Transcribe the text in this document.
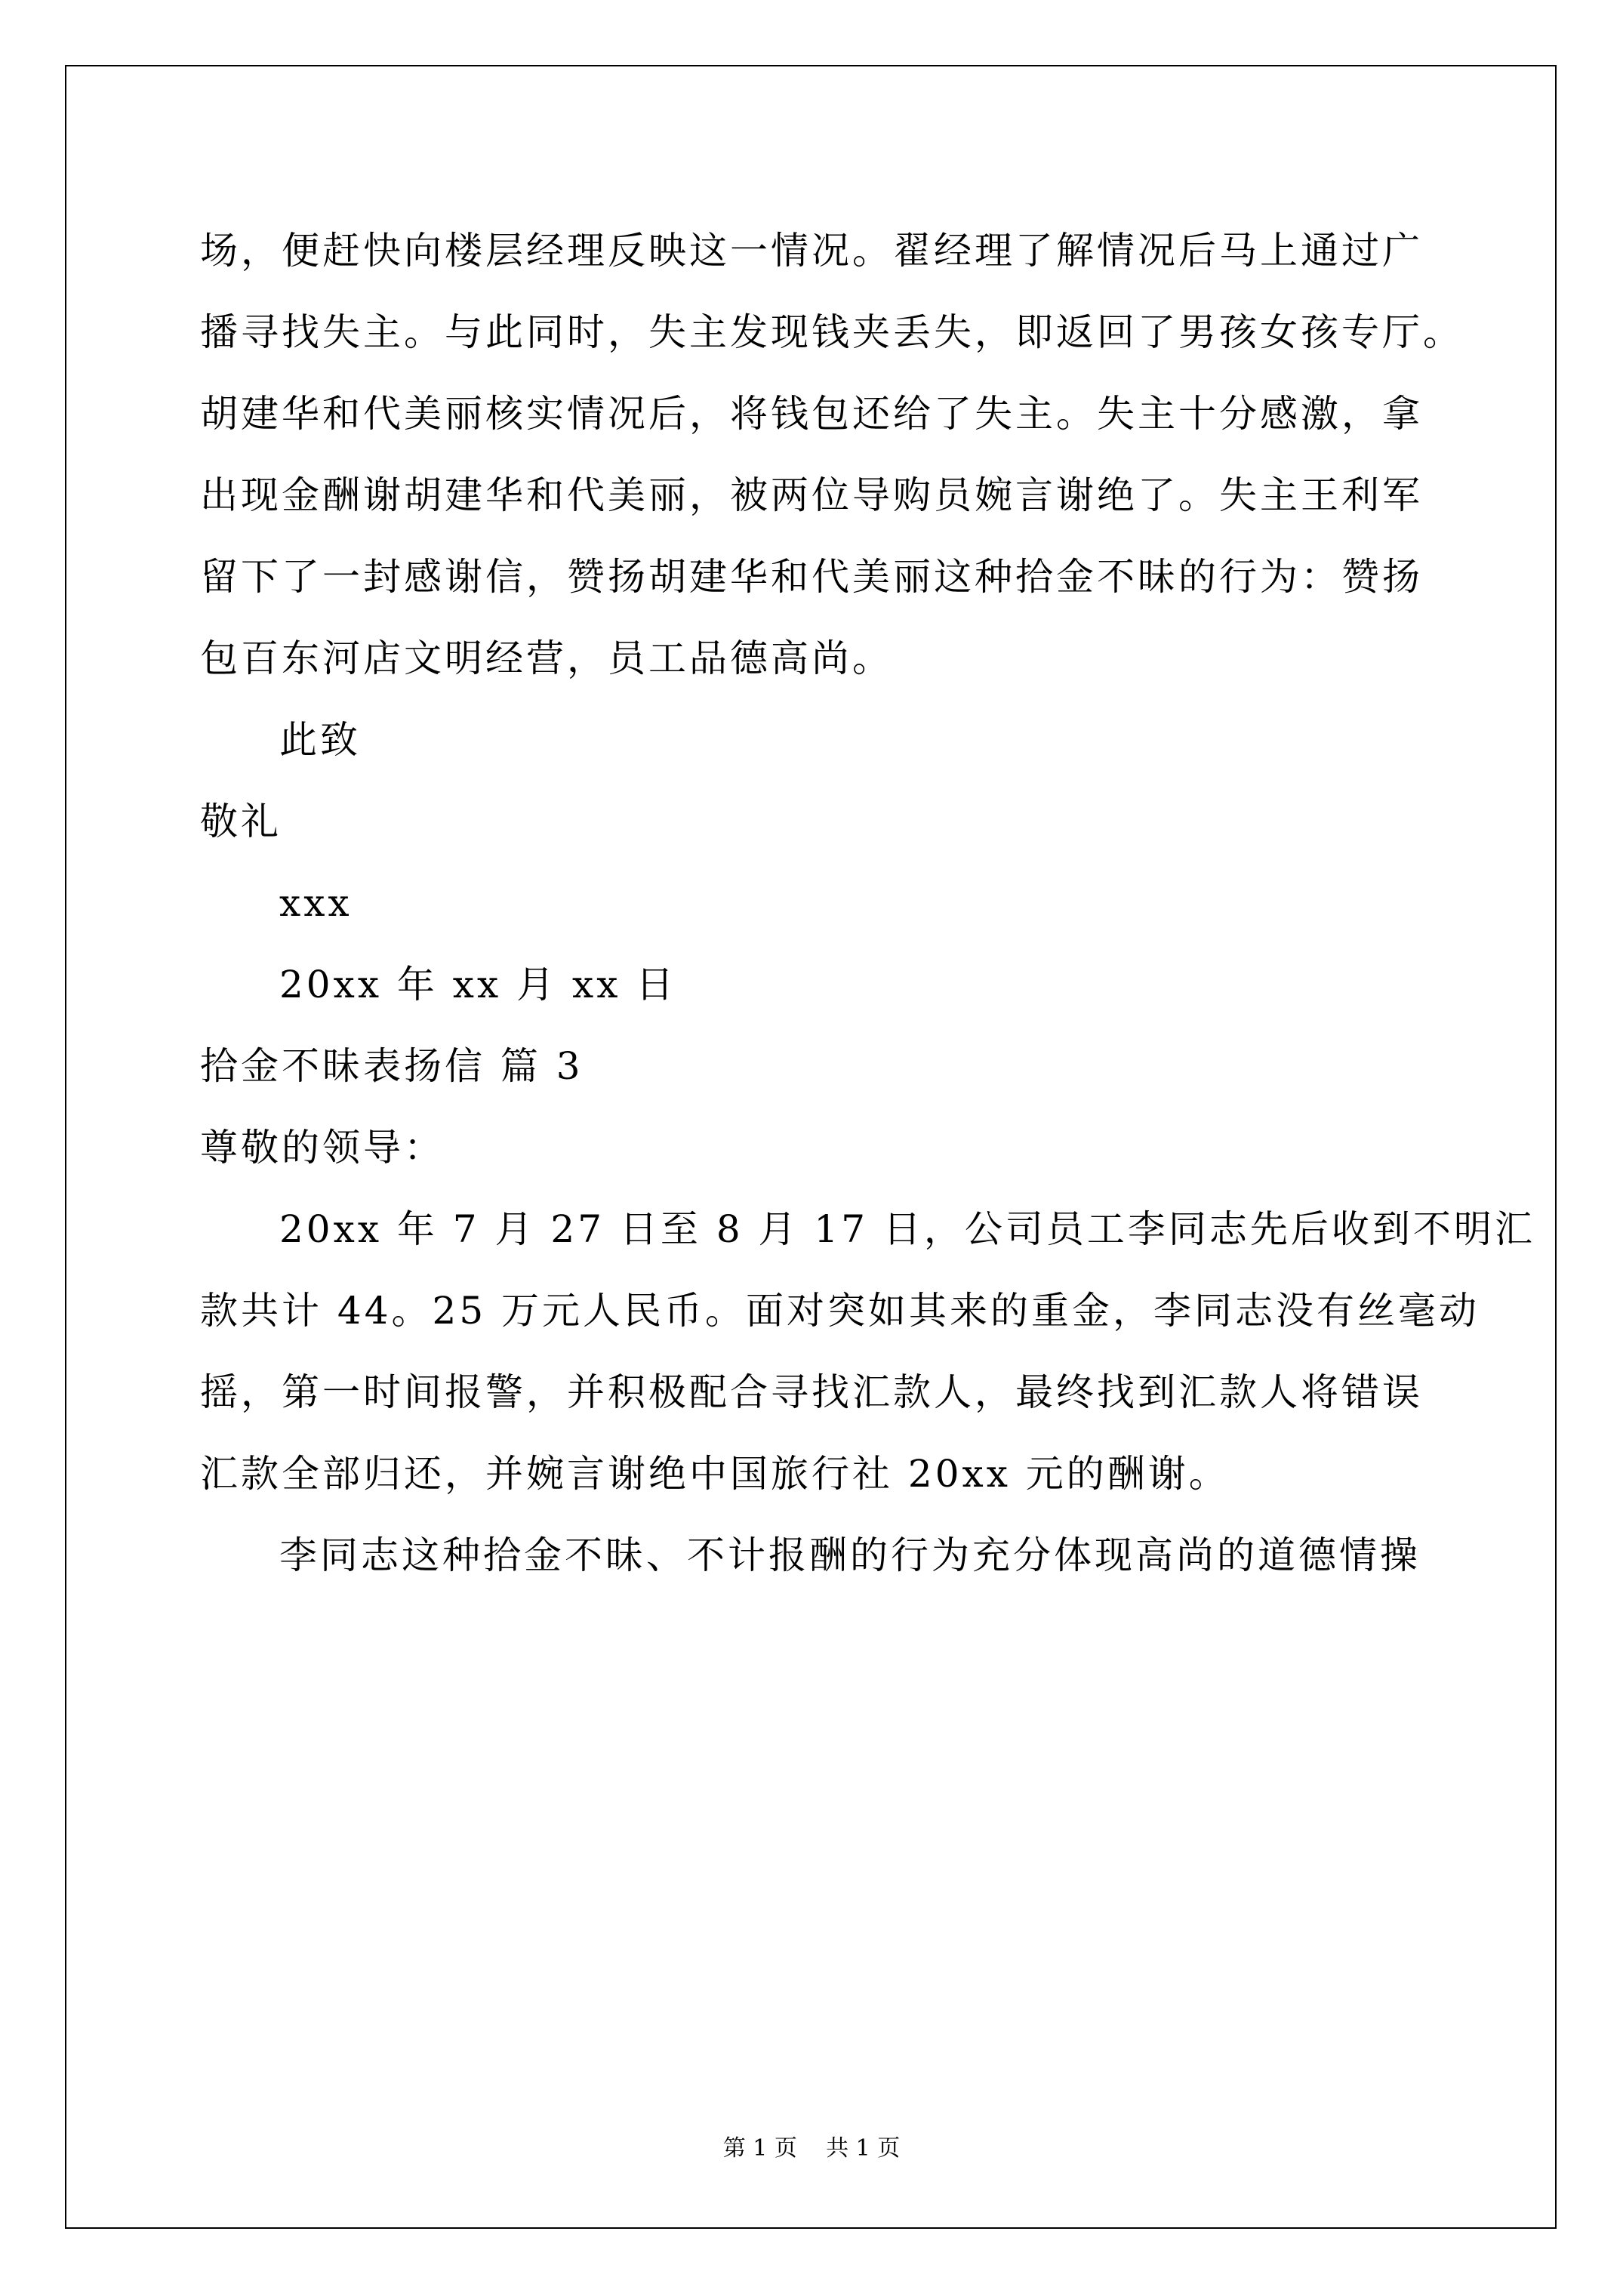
场，便赶快向楼层经理反映这一情况。翟经理了解情况后马上通过广
播寻找失主。与此同时，失主发现钱夹丢失，即返回了男孩女孩专厅。
胡建华和代美丽核实情况后，将钱包还给了失主。失主十分感激，拿
出现金酬谢胡建华和代美丽，被两位导购员婉言谢绝了。失主王利军
留下了一封感谢信，赞扬胡建华和代美丽这种拾金不昧的行为：赞扬
包百东河店文明经营，员工品德高尚。
此致
敬礼
xxx
20xx 年 xx 月 xx 日
拾金不昧表扬信 篇 3
尊敬的领导：
20xx 年 7 月 27 日至 8 月 17 日，公司员工李同志先后收到不明汇
款共计 44。25 万元人民币。面对突如其来的重金，李同志没有丝毫动
摇，第一时间报警，并积极配合寻找汇款人，最终找到汇款人将错误
汇款全部归还，并婉言谢绝中国旅行社 20xx 元的酬谢。
李同志这种拾金不昧、不计报酬的行为充分体现高尚的道德情操
第 1 页    共 1 页
